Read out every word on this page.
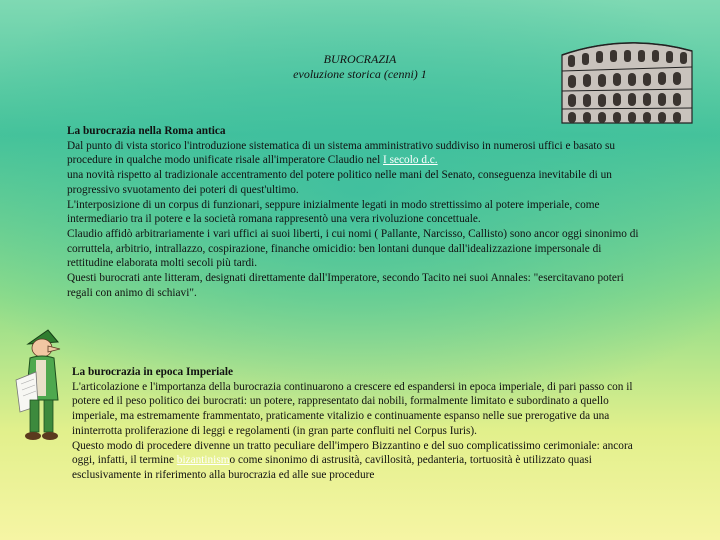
BUROCRAZIA
evoluzione storica (cenni) 1
La burocrazia nella Roma antica
Dal punto di vista storico l'introduzione sistematica di un sistema amministrativo suddiviso in numerosi uffici e basato su
procedure in qualche modo unificate risale all'imperatore Claudio nel I secolo d.c.
una novità rispetto al tradizionale accentramento del potere politico nelle mani del Senato, conseguenza inevitabile di un
progressivo svuotamento dei poteri di quest'ultimo.
L'interposizione di un corpus di funzionari, seppure inizialmente legati in modo strettissimo al potere imperiale, come
intermediario tra il potere e la società romana rappresentò una vera rivoluzione concettuale.
Claudio affidò arbitrariamente i vari uffici ai suoi liberti, i cui nomi ( Pallante, Narcisso, Callisto) sono ancor oggi sinonimo di
corruttela, arbitrio, intrallazzo, cospirazione, finanche omicidio: ben lontani dunque dall'idealizzazione impersonale di
rettitudine elaborata molti secoli più tardi.
Questi burocrati ante litteram, designati direttamente dall'Imperatore, secondo Tacito nei suoi Annales: "esercitavano poteri
regali con animo di schiavi".
La burocrazia in epoca Imperiale
L'articolazione e l'importanza della burocrazia continuarono a crescere ed espandersi in epoca imperiale, di pari passo con il
potere ed il peso politico dei burocrati: un potere, rappresentato dai nobili, formalmente limitato e subordinato a quello
imperiale, ma estremamente frammentato, praticamente vitalizio e continuamente espanso nelle sue prerogative da una
ininterrotta proliferazione di leggi e regolamenti (in gran parte confluiti nel Corpus Iuris).
Questo modo di procedere divenne un tratto peculiare dell'impero Bizzantino e del suo complicatissimo cerimoniale: ancora
oggi, infatti, il termine bizantinismo come sinonimo di astrusità, cavillosità, pedanteria, tortuosità è utilizzato quasi
esclusivamente in riferimento alla burocrazia ed alle sue procedure
